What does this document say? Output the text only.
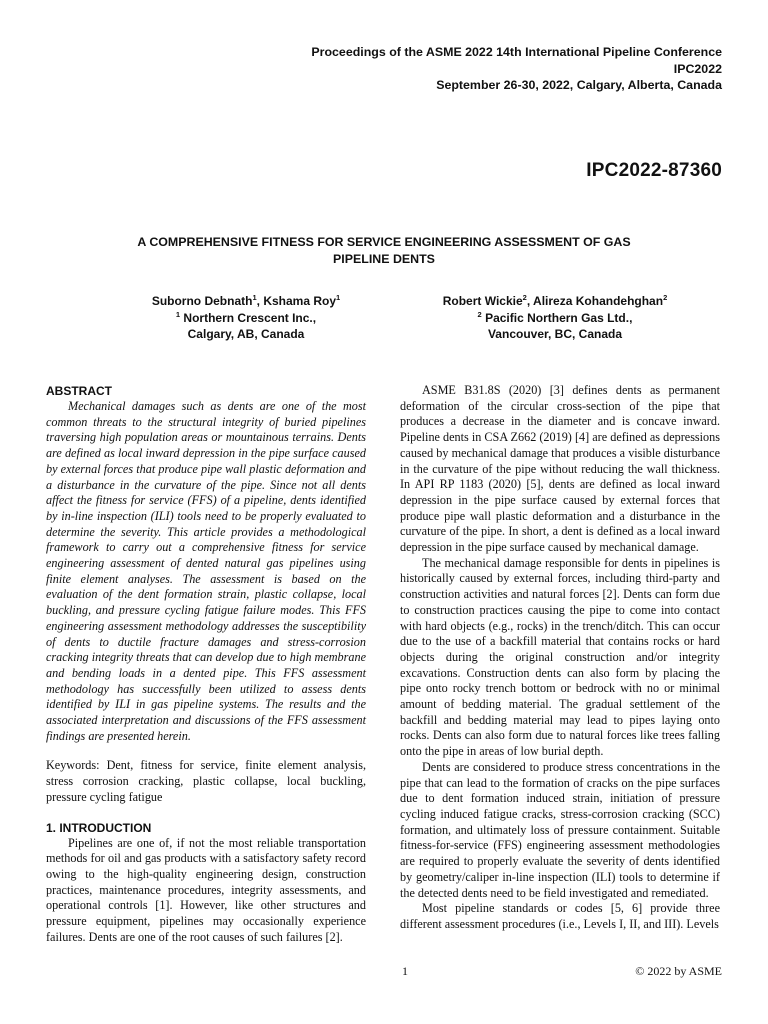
Proceedings of the ASME 2022 14th International Pipeline Conference
IPC2022
September 26-30, 2022, Calgary, Alberta, Canada
IPC2022-87360
A COMPREHENSIVE FITNESS FOR SERVICE ENGINEERING ASSESSMENT OF GAS
PIPELINE DENTS
Suborno Debnath$^1$, Kshama Roy$^1$
$^1$ Northern Crescent Inc.,
Calgary, AB, Canada
Robert Wickie$^2$, Alireza Kohandehghan$^2$
$^2$ Pacific Northern Gas Ltd.,
Vancouver, BC, Canada
ABSTRACT

Mechanical damages such as dents are one of the most common threats to the structural integrity of buried pipelines traversing high population areas or mountainous terrains. Dents are defined as local inward depression in the pipe surface caused by external forces that produce pipe wall plastic deformation and a disturbance in the curvature of the pipe. Since not all dents affect the fitness for service (FFS) of a pipeline, dents identified by in-line inspection (ILI) tools need to be properly evaluated to determine the severity. This article provides a methodological framework to carry out a comprehensive fitness for service engineering assessment of dented natural gas pipelines using finite element analyses. The assessment is based on the evaluation of the dent formation strain, plastic collapse, local buckling, and pressure cycling fatigue failure modes. This FFS engineering assessment methodology addresses the susceptibility of dents to ductile fracture damages and stress-corrosion cracking integrity threats that can develop due to high membrane and bending loads in a dented pipe. This FFS assessment methodology has successfully been utilized to assess dents identified by ILI in gas pipeline systems. The results and the associated interpretation and discussions of the FFS assessment findings are presented herein.

Keywords: Dent, fitness for service, finite element analysis, stress corrosion cracking, plastic collapse, local buckling, pressure cycling fatigue

1. INTRODUCTION

Pipelines are one of, if not the most reliable transportation methods for oil and gas products with a satisfactory safety record owing to the high-quality engineering design, construction practices, maintenance procedures, integrity assessments, and operational controls [1]. However, like other structures and pressure equipment, pipelines may occasionally experience failures. Dents are one of the root causes of such failures [2].

ASME B31.8S (2020) [3] defines dents as permanent deformation of the circular cross-section of the pipe that produces a decrease in the diameter and is concave inward. Pipeline dents in CSA Z662 (2019) [4] are defined as depressions caused by mechanical damage that produces a visible disturbance in the curvature of the pipe without reducing the wall thickness. In API RP 1183 (2020) [5], dents are defined as local inward depression in the pipe surface caused by external forces that produce pipe wall plastic deformation and a disturbance in the curvature of the pipe. In short, a dent is defined as a local inward depression in the pipe surface caused by mechanical damage.

The mechanical damage responsible for dents in pipelines is historically caused by external forces, including third-party and construction activities and natural forces [2]. Dents can form due to construction practices causing the pipe to come into contact with hard objects (e.g., rocks) in the trench/ditch. This can occur due to the use of a backfill material that contains rocks or hard objects during the original construction and/or integrity excavations. Construction dents can also form by placing the pipe onto rocky trench bottom or bedrock with no or minimal amount of bedding material. The gradual settlement of the backfill and bedding material may lead to pipes laying onto rocks. Dents can also form due to natural forces like trees falling onto the pipe in areas of low burial depth.

Dents are considered to produce stress concentrations in the pipe that can lead to the formation of cracks on the pipe surfaces due to dent formation induced strain, initiation of pressure cycling induced fatigue cracks, stress-corrosion cracking (SCC) formation, and ultimately loss of pressure containment. Suitable fitness-for-service (FFS) engineering assessment methodologies are required to properly evaluate the severity of dents identified by geometry/caliper in-line inspection (ILI) tools to determine if the detected dents need to be field investigated and remediated.

Most pipeline standards or codes [5, 6] provide three different assessment procedures (i.e., Levels I, II, and III). Levels

1	© 2022 by ASME
